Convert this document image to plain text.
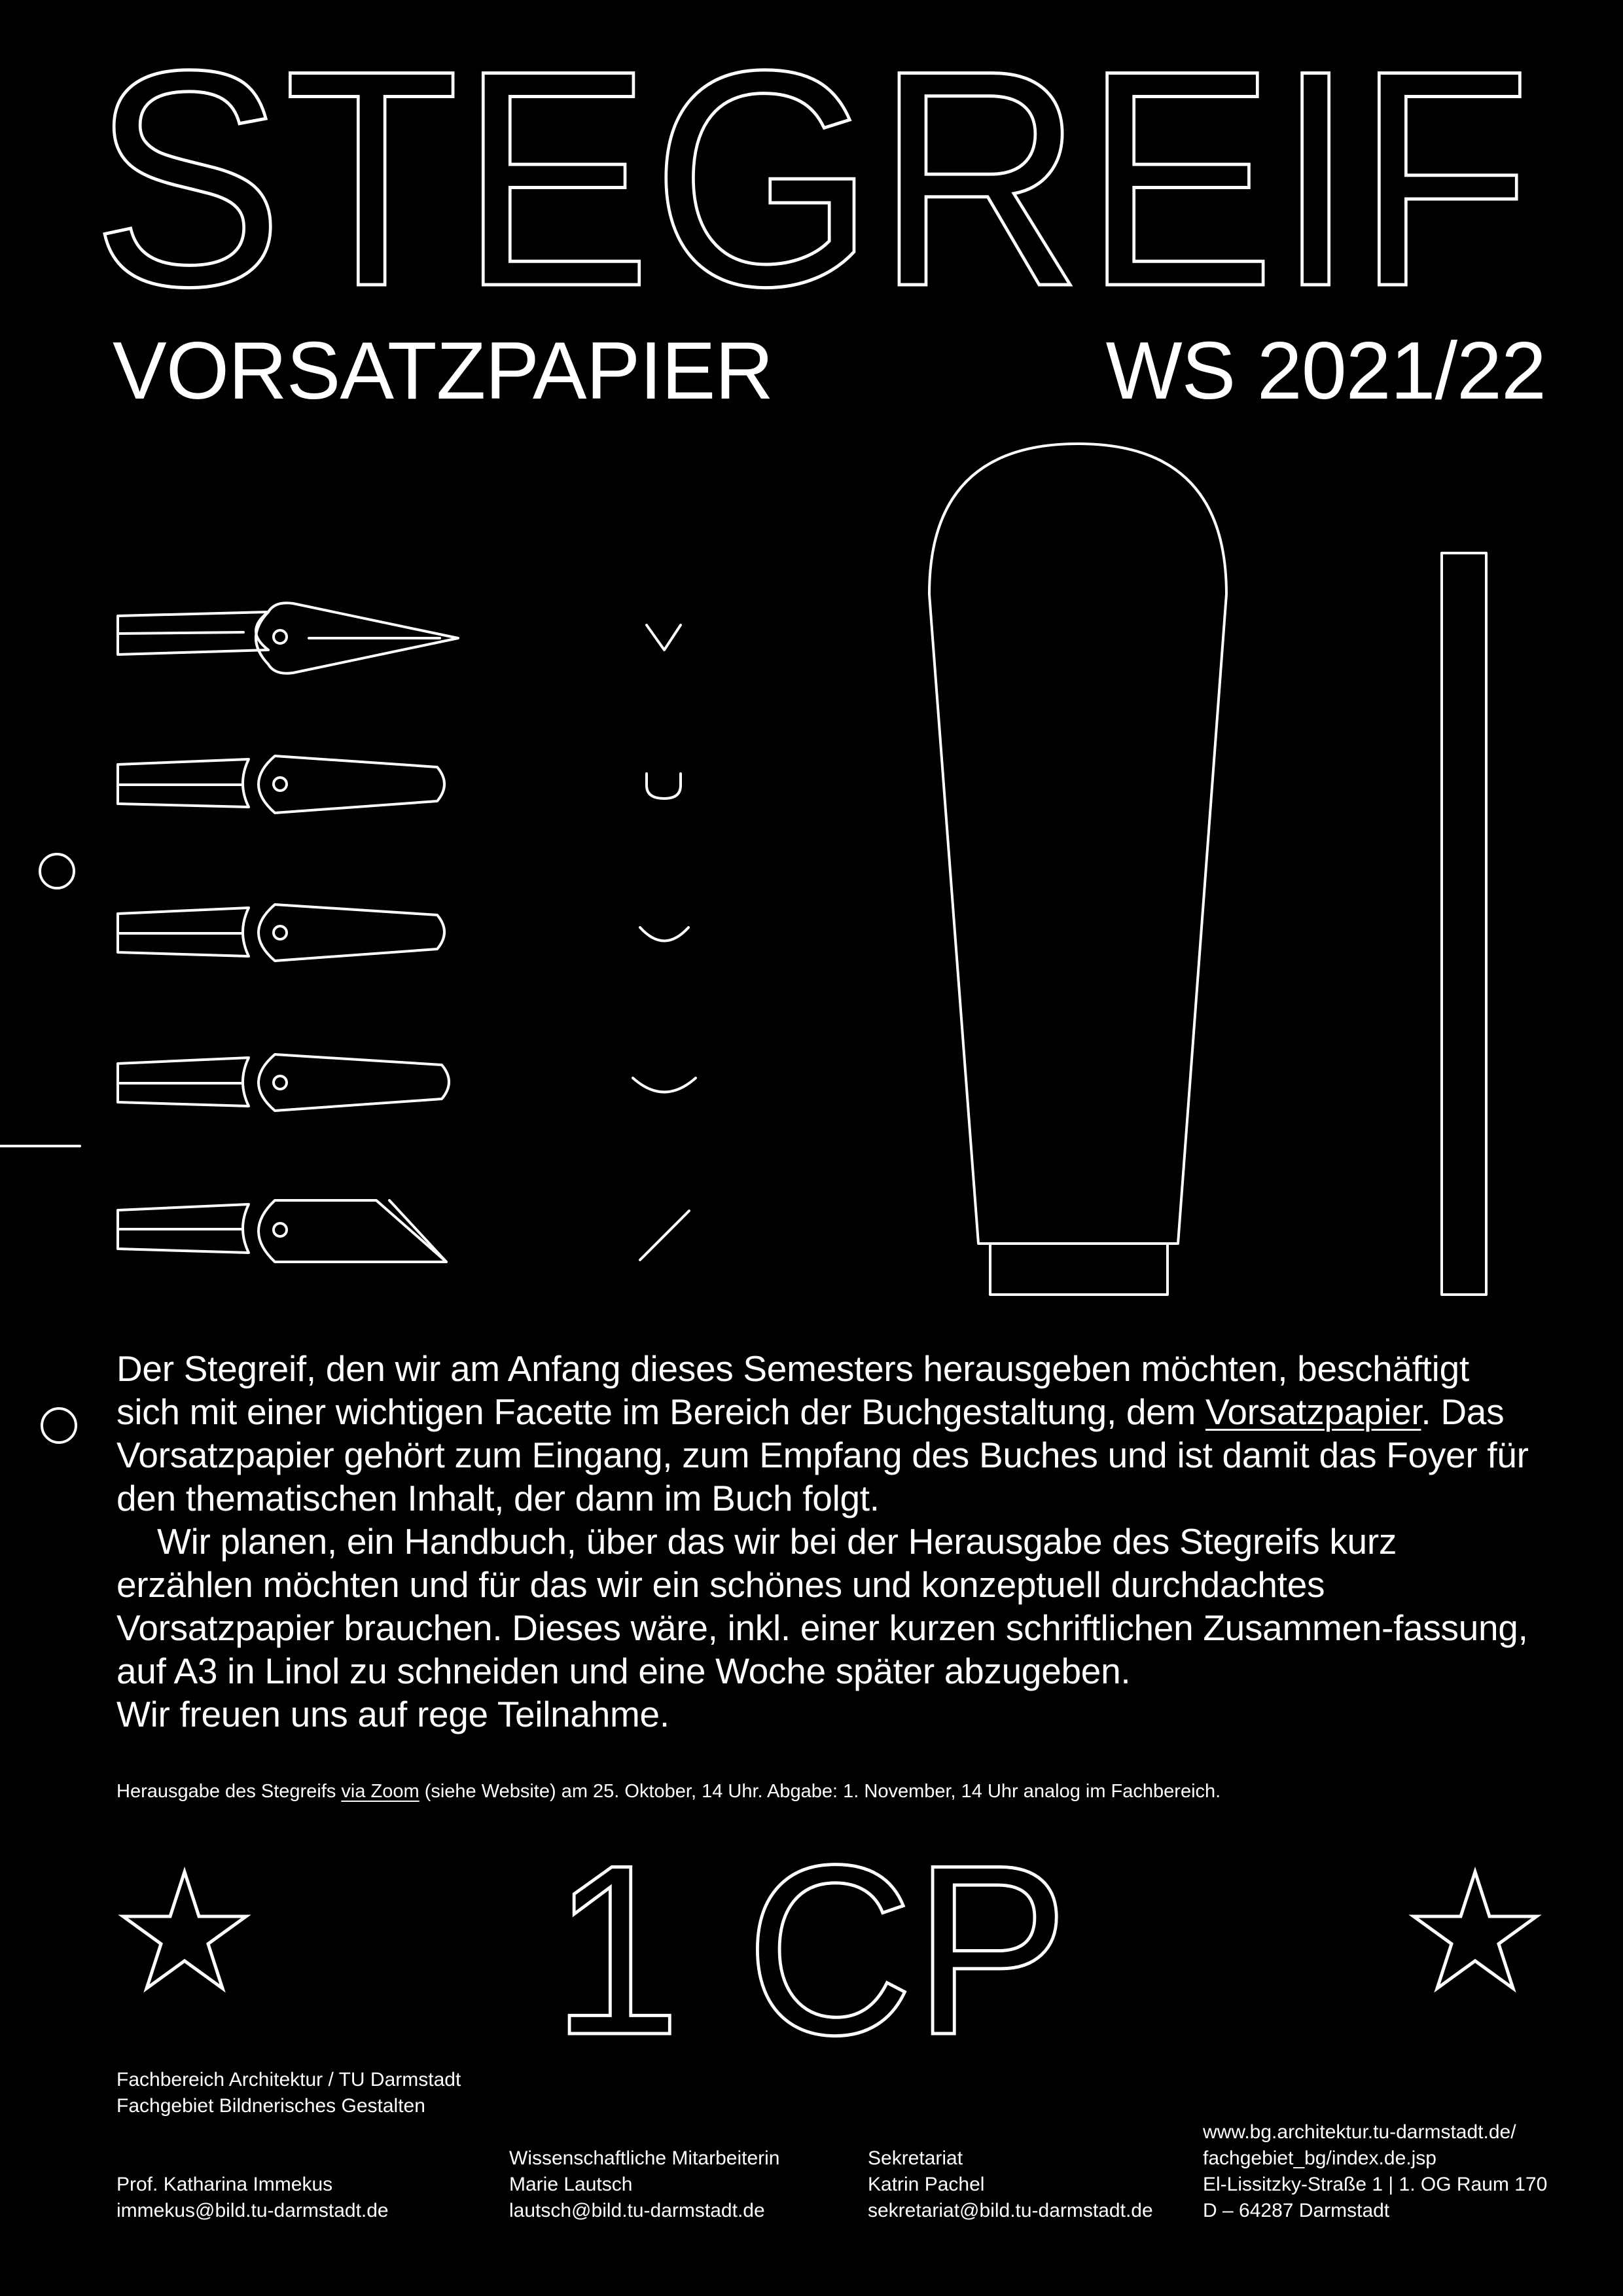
STEGREIF
VORSATZPAPIER	WS 2021/22

Der Stegreif, den wir am Anfang dieses Semesters herausgeben möchten, beschäftigt sich mit einer wichtigen Facette im Bereich der Buchgestaltung, dem Vorsatzpapier. Das Vorsatzpapier gehört zum Eingang, zum Empfang des Buches und ist damit das Foyer für den thematischen Inhalt, der dann im Buch folgt.

Wir planen, ein Handbuch, über das wir bei der Herausgabe des Stegreifs kurz erzählen möchten und für das wir ein schönes und konzeptuell durchdachtes Vorsatzpapier brauchen. Dieses wäre, inkl. einer kurzen schriftlichen Zusammen-fassung, auf A3 in Linol zu schneiden und eine Woche später abzugeben.

Wir freuen uns auf rege Teilnahme.

Herausgabe des Stegreifs via Zoom (siehe Website) am 25. Oktober, 14 Uhr. Abgabe: 1. November, 14 Uhr analog im Fachbereich.
1 CP
Fachbereich Architektur / TU Darmstadt
Fachgebiet Bildnerisches Gestalten
Prof. Katharina Immekus
immekus@bild.tu-darmstadt.de
Wissenschaftliche Mitarbeiterin
Marie Lautsch
lautsch@bild.tu-darmstadt.de
Sekretariat
Katrin Pachel
sekretariat@bild.tu-darmstadt.de
www.bg.architektur.tu-darmstadt.de/
fachgebiet_bg/index.de.jsp
El-Lissitzky-Straße 1 | 1. OG Raum 170
D – 64287 Darmstadt
